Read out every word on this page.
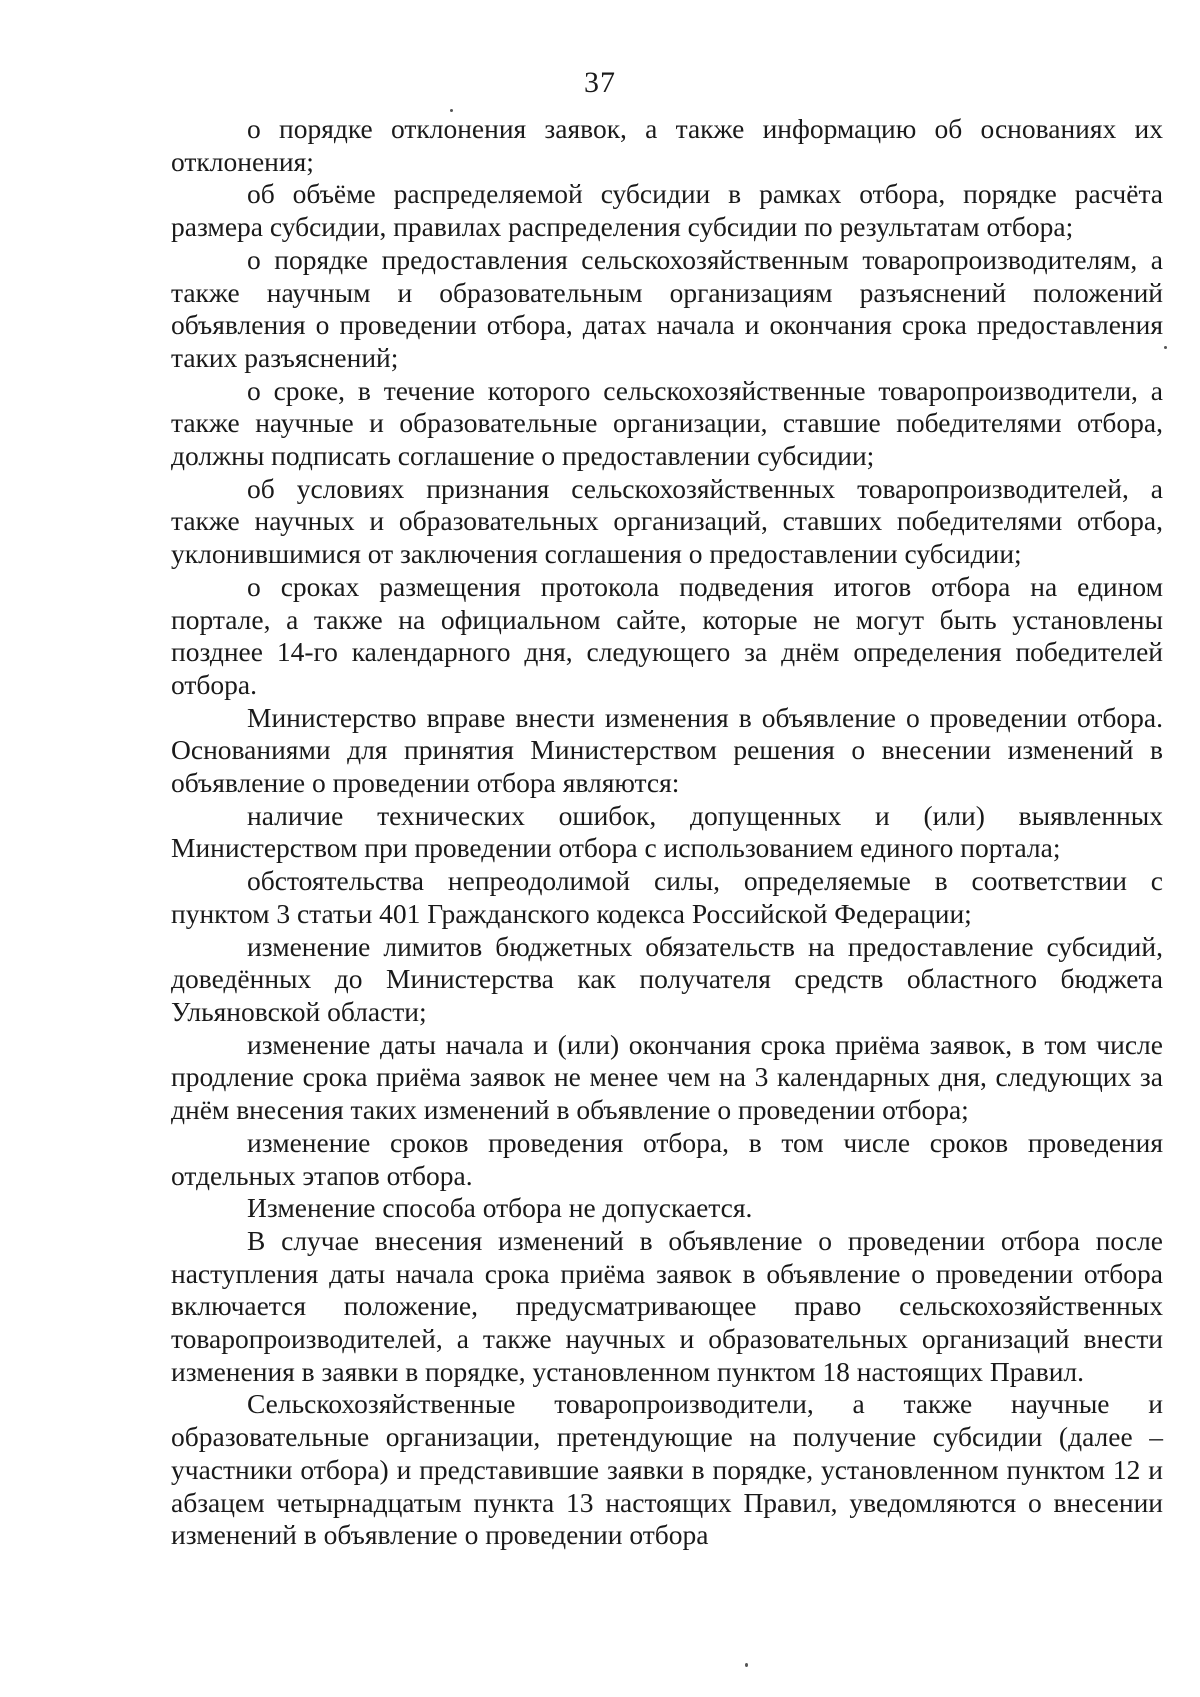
37

о порядке отклонения заявок, а также информацию об основаниях их отклонения;

об объёме распределяемой субсидии в рамках отбора, порядке расчёта размера субсидии, правилах распределения субсидии по результатам отбора;

о порядке предоставления сельскохозяйственным товаропроизводителям, а также научным и образовательным организациям разъяснений положений объявления о проведении отбора, датах начала и окончания срока предоставления таких разъяснений;

о сроке, в течение которого сельскохозяйственные товаропроизводители, а также научные и образовательные организации, ставшие победителями отбора, должны подписать соглашение о предоставлении субсидии;

об условиях признания сельскохозяйственных товаропроизводителей, а также научных и образовательных организаций, ставших победителями отбора, уклонившимися от заключения соглашения о предоставлении субсидии;

о сроках размещения протокола подведения итогов отбора на едином портале, а также на официальном сайте, которые не могут быть установлены позднее 14-го календарного дня, следующего за днём определения победителей отбора.

Министерство вправе внести изменения в объявление о проведении отбора. Основаниями для принятия Министерством решения о внесении изменений в объявление о проведении отбора являются:

наличие технических ошибок, допущенных и (или) выявленных Министерством при проведении отбора с использованием единого портала;

обстоятельства непреодолимой силы, определяемые в соответствии с пунктом 3 статьи 401 Гражданского кодекса Российской Федерации;

изменение лимитов бюджетных обязательств на предоставление субсидий, доведённых до Министерства как получателя средств областного бюджета Ульяновской области;

изменение даты начала и (или) окончания срока приёма заявок, в том числе продление срока приёма заявок не менее чем на 3 календарных дня, следующих за днём внесения таких изменений в объявление о проведении отбора;

изменение сроков проведения отбора, в том числе сроков проведения отдельных этапов отбора.

Изменение способа отбора не допускается.

В случае внесения изменений в объявление о проведении отбора после наступления даты начала срока приёма заявок в объявление о проведении отбора включается положение, предусматривающее право сельскохозяйственных товаропроизводителей, а также научных и образовательных организаций внести изменения в заявки в порядке, установленном пунктом 18 настоящих Правил.

Сельскохозяйственные товаропроизводители, а также научные и образовательные организации, претендующие на получение субсидии (далее – участники отбора) и представившие заявки в порядке, установленном пунктом 12 и абзацем четырнадцатым пункта 13 настоящих Правил, уведомляются о внесении изменений в объявление о проведении отбора
